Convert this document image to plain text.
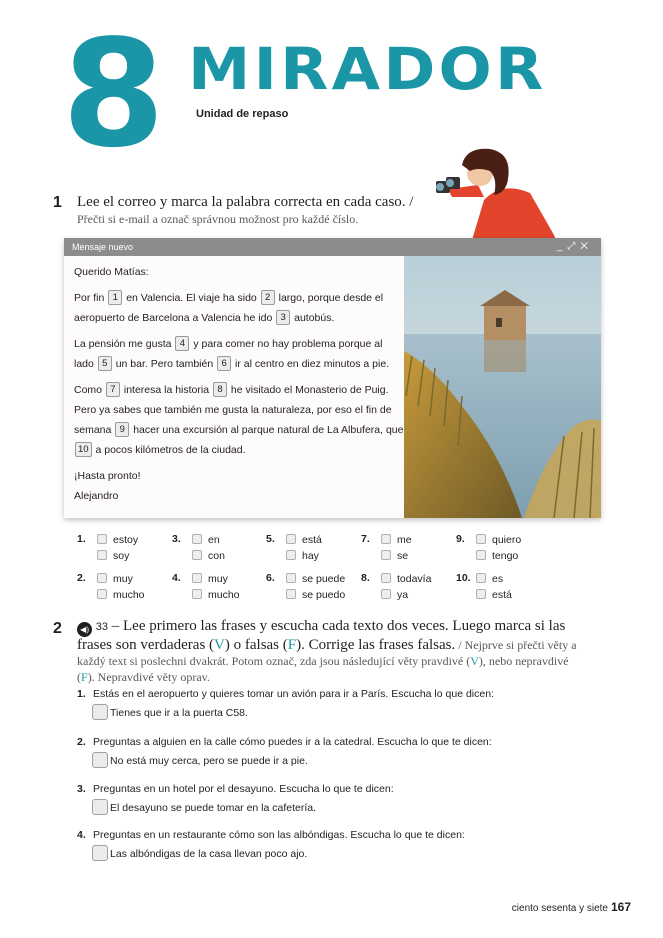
8 MIRADOR
Unidad de repaso
1 Lee el correo y marca la palabra correcta en cada caso. /
Přečti si e-mail a označ správnou možnost pro každé číslo.
Mensaje nuevo	_⤢✕

Querido Matías:

Por fin 1 en Valencia. El viaje ha sido 2 largo, porque desde el aeropuerto de Barcelona a Valencia he ido 3 autobús.

La pensión me gusta 4 y para comer no hay problema porque al lado 5 un bar. Pero también 6 ir al centro en diez minutos a pie.

Como 7 interesa la historia 8 he visitado el Monasterio de Puig. Pero ya sabes que también me gusta la naturaleza, por eso el fin de semana 9 hacer una excursión al parque natural de La Albufera, que 10 a pocos kilómetros de la ciudad.

¡Hasta pronto!
Alejandro

1.	estoy
soy
3.	en
con
5.	está
hay
7.	me
se
9.	quiero
tengo
2.	muy
mucho
4.	muy
mucho
6.	se puede
se puedo
8.	todavía
ya
10.	es
está
2	◀) 33 – Lee primero las frases y escucha cada texto dos veces. Luego marca si las frases son verdaderas (V) o falsas (F). Corrige las frases falsas. / Nejprve si přečti věty a každý text si poslechni dvakrát. Potom označ, zda jsou následující věty pravdivé (V), nebo nepravdivé (F). Nepravdivé věty oprav.
1. Estás en el aeropuerto y quieres tomar un avión para ir a París. Escucha lo que dicen:
Tienes que ir a la puerta C58.
2. Preguntas a alguien en la calle cómo puedes ir a la catedral. Escucha lo que te dicen:
No está muy cerca, pero se puede ir a pie.
3. Preguntas en un hotel por el desayuno. Escucha lo que te dicen:
El desayuno se puede tomar en la cafetería.
4. Preguntas en un restaurante cómo son las albóndigas. Escucha lo que te dicen:
Las albóndigas de la casa llevan poco ajo.
ciento sesenta y siete 167
